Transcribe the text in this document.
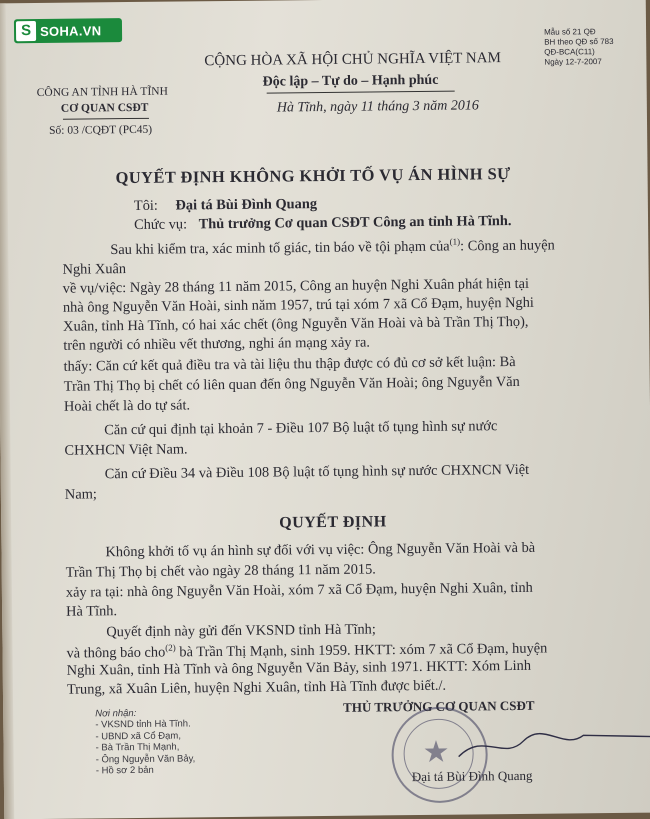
S SOHA.VN
CÔNG AN TỈNH HÀ TĨNH
CƠ QUAN CSĐT
Số: 03 /CQĐT (PC45)
CỘNG HÒA XÃ HỘI CHỦ NGHĨA VIỆT NAM
Độc lập – Tự do – Hạnh phúc
Hà Tĩnh, ngày 11 tháng 3 năm 2016
Mẫu số 21 QĐ
BH theo QĐ số 783
QĐ-BCA(C11)
Ngày 12-7-2007
QUYẾT ĐỊNH KHÔNG KHỞI TỐ VỤ ÁN HÌNH SỰ
Tôi: Đại tá Bùi Đình Quang
Chức vụ: Thủ trưởng Cơ quan CSĐT Công an tỉnh Hà Tĩnh.
Sau khi kiểm tra, xác minh tố giác, tin báo về tội phạm của$^{(1)}$: Công an huyện
Nghi Xuân
về vụ/việc: Ngày 28 tháng 11 năm 2015, Công an huyện Nghi Xuân phát hiện tại
nhà ông Nguyễn Văn Hoài, sinh năm 1957, trú tại xóm 7 xã Cổ Đạm, huyện Nghi
Xuân, tỉnh Hà Tĩnh, có hai xác chết (ông Nguyễn Văn Hoài và bà Trần Thị Thọ),
trên người có nhiều vết thương, nghi án mạng xảy ra.
thấy: Căn cứ kết quả điều tra và tài liệu thu thập được có đủ cơ sở kết luận: Bà
Trần Thị Thọ bị chết có liên quan đến ông Nguyễn Văn Hoài; ông Nguyễn Văn
Hoài chết là do tự sát.
Căn cứ qui định tại khoản 7 - Điều 107 Bộ luật tố tụng hình sự nước
CHXHCN Việt Nam.
Căn cứ Điều 34 và Điều 108 Bộ luật tố tụng hình sự nước CHXNCN Việt
Nam;
QUYẾT ĐỊNH
Không khởi tố vụ án hình sự đối với vụ việc: Ông Nguyễn Văn Hoài và bà
Trần Thị Thọ bị chết vào ngày 28 tháng 11 năm 2015.
xảy ra tại: nhà ông Nguyễn Văn Hoài, xóm 7 xã Cổ Đạm, huyện Nghi Xuân, tỉnh
Hà Tĩnh.
Quyết định này gửi đến VKSND tỉnh Hà Tĩnh;
và thông báo cho$^{(2)}$ bà Trần Thị Mạnh, sinh 1959. HKTT: xóm 7 xã Cổ Đạm, huyện
Nghi Xuân, tỉnh Hà Tĩnh và ông Nguyễn Văn Bảy, sinh 1971. HKTT: Xóm Linh
Trung, xã Xuân Liên, huyện Nghi Xuân, tỉnh Hà Tĩnh được biết./.
THỦ TRƯỞNG CƠ QUAN CSĐT
Nơi nhận:
- VKSND tỉnh Hà Tĩnh.
- UBND xã Cổ Đạm,
- Bà Trần Thị Mạnh,
- Ông Nguyễn Văn Bảy,
- Hồ sơ 2 bản
★
Đại tá Bùi Đình Quang
